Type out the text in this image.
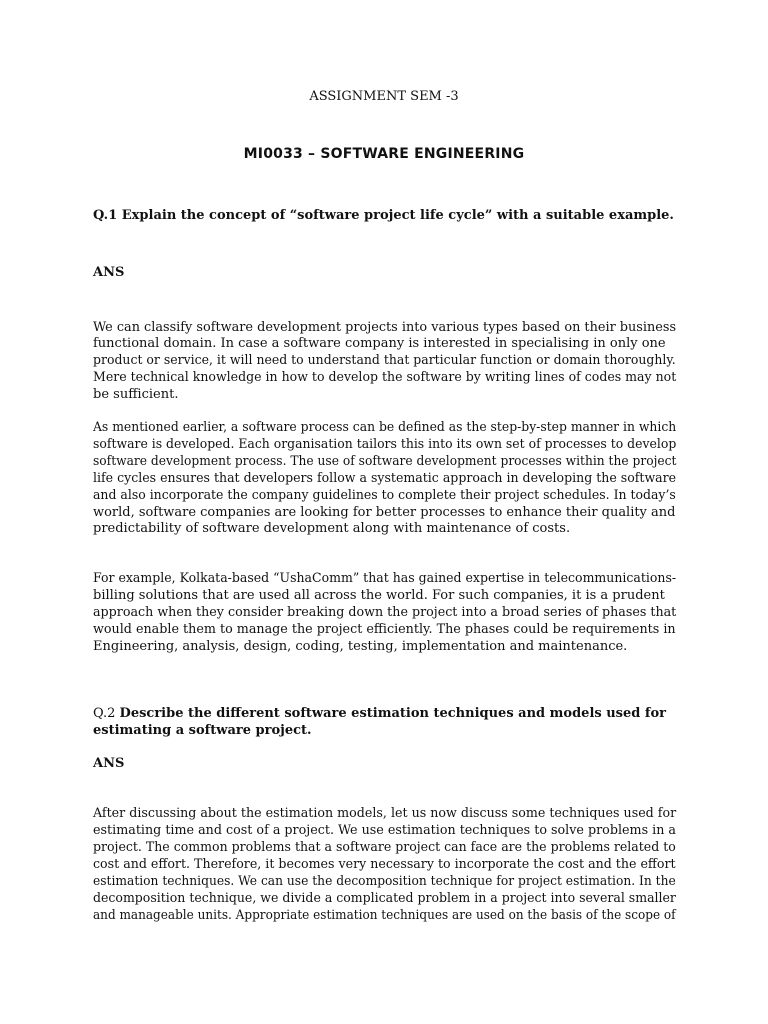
ASSIGNMENT SEM -3
MI0033 – SOFTWARE ENGINEERING
Q.1 Explain the concept of “software project life cycle” with a suitable example.
ANS
We can classify software development projects into various types based on their business
functional domain. In case a software company is interested in specialising in only one
product or service, it will need to understand that particular function or domain thoroughly.
Mere technical knowledge in how to develop the software by writing lines of codes may not
be sufficient.
As mentioned earlier, a software process can be defined as the step-by-step manner in which
software is developed. Each organisation tailors this into its own set of processes to develop
software development process. The use of software development processes within the project
life cycles ensures that developers follow a systematic approach in developing the software
and also incorporate the company guidelines to complete their project schedules. In today’s
world, software companies are looking for better processes to enhance their quality and
predictability of software development along with maintenance of costs.
For example, Kolkata-based “UshaComm” that has gained expertise in telecommunications-
billing solutions that are used all across the world. For such companies, it is a prudent
approach when they consider breaking down the project into a broad series of phases that
would enable them to manage the project efficiently. The phases could be requirements in
Engineering, analysis, design, coding, testing, implementation and maintenance.
Q.2 Describe the different software estimation techniques and models used for
estimating a software project.
ANS
After discussing about the estimation models, let us now discuss some techniques used for
estimating time and cost of a project. We use estimation techniques to solve problems in a
project. The common problems that a software project can face are the problems related to
cost and effort. Therefore, it becomes very necessary to incorporate the cost and the effort
estimation techniques. We can use the decomposition technique for project estimation. In the
decomposition technique, we divide a complicated problem in a project into several smaller
and manageable units. Appropriate estimation techniques are used on the basis of the scope of
